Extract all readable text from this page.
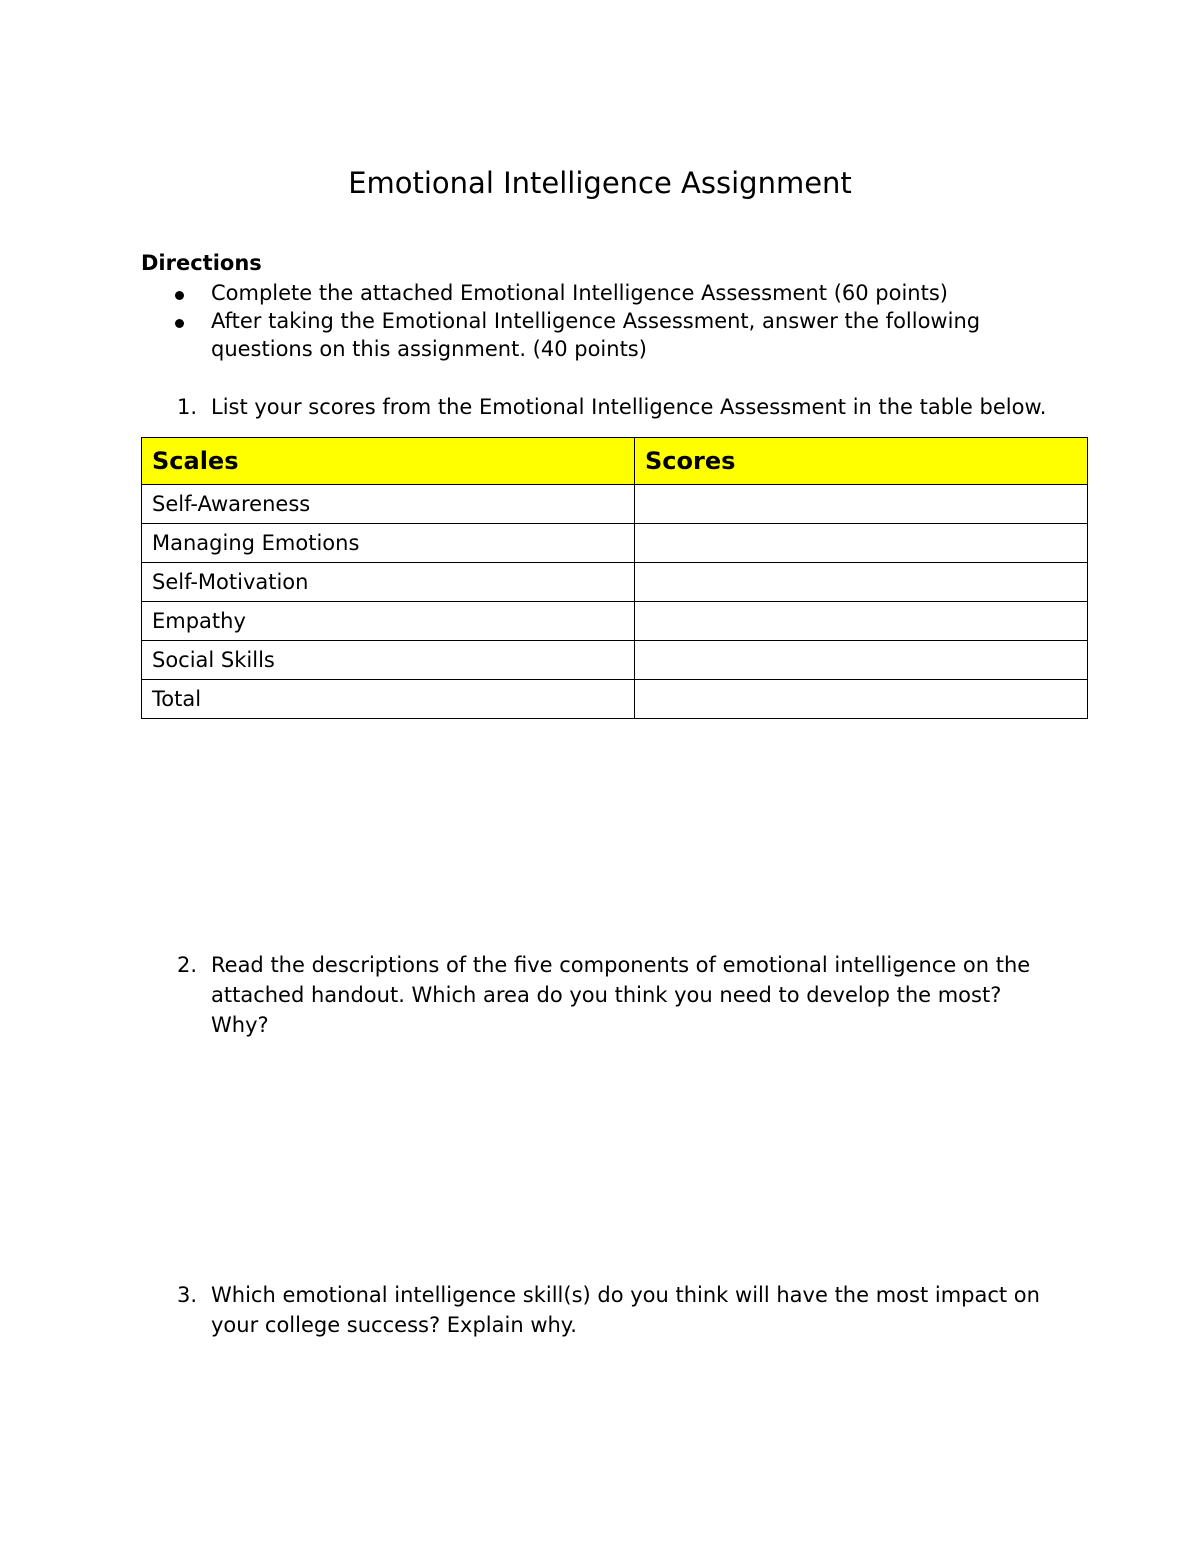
Emotional Intelligence Assignment
Directions
Complete the attached Emotional Intelligence Assessment (60 points)
After taking the Emotional Intelligence Assessment, answer the following questions on this assignment. (40 points)
1. List your scores from the Emotional Intelligence Assessment in the table below.
Scales	Scores
Self-Awareness	
Managing Emotions	
Self-Motivation	
Empathy	
Social Skills	
Total	
2. Read the descriptions of the five components of emotional intelligence on the attached handout. Which area do you think you need to develop the most? Why?
3. Which emotional intelligence skill(s) do you think will have the most impact on your college success? Explain why.
